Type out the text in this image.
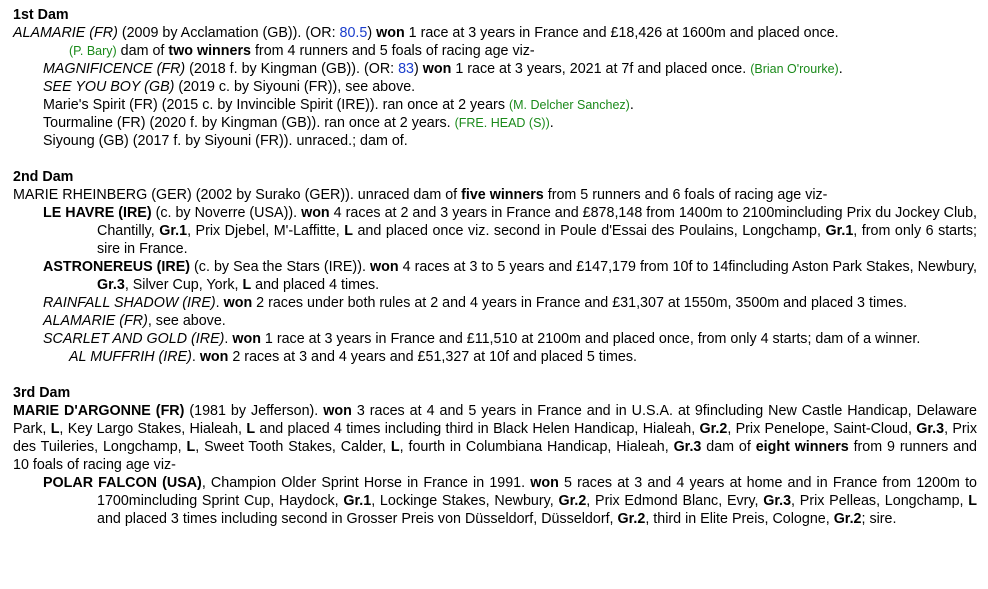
1st Dam
ALAMARIE (FR) (2009 by Acclamation (GB)). (OR: 80.5) won 1 race at 3 years in France and £18,426 at 1600m and placed once.
(P. Bary) dam of two winners from 4 runners and 5 foals of racing age viz-
MAGNIFICENCE (FR) (2018 f. by Kingman (GB)). (OR: 83) won 1 race at 3 years, 2021 at 7f and placed once. (Brian O'rourke).
SEE YOU BOY (GB) (2019 c. by Siyouni (FR)), see above.
Marie's Spirit (FR) (2015 c. by Invincible Spirit (IRE)). ran once at 2 years (M. Delcher Sanchez).
Tourmaline (FR) (2020 f. by Kingman (GB)). ran once at 2 years. (FRE. HEAD (S)).
Siyoung (GB) (2017 f. by Siyouni (FR)). unraced.; dam of.
2nd Dam
MARIE RHEINBERG (GER) (2002 by Surako (GER)). unraced dam of five winners from 5 runners and 6 foals of racing age viz-
LE HAVRE (IRE) (c. by Noverre (USA)). won 4 races at 2 and 3 years in France and £878,148 from 1400m to 2100mincluding Prix du Jockey Club, Chantilly, Gr.1, Prix Djebel, M'-Laffitte, L and placed once viz. second in Poule d'Essai des Poulains, Longchamp, Gr.1, from only 6 starts; sire in France.
ASTRONEREUS (IRE) (c. by Sea the Stars (IRE)). won 4 races at 3 to 5 years and £147,179 from 10f to 14fincluding Aston Park Stakes, Newbury, Gr.3, Silver Cup, York, L and placed 4 times.
RAINFALL SHADOW (IRE). won 2 races under both rules at 2 and 4 years in France and £31,307 at 1550m, 3500m and placed 3 times.
ALAMARIE (FR), see above.
SCARLET AND GOLD (IRE). won 1 race at 3 years in France and £11,510 at 2100m and placed once, from only 4 starts; dam of a winner.
AL MUFFRIH (IRE). won 2 races at 3 and 4 years and £51,327 at 10f and placed 5 times.
3rd Dam
MARIE D'ARGONNE (FR) (1981 by Jefferson). won 3 races at 4 and 5 years in France and in U.S.A. at 9fincluding New Castle Handicap, Delaware Park, L, Key Largo Stakes, Hialeah, L and placed 4 times including third in Black Helen Handicap, Hialeah, Gr.2, Prix Penelope, Saint-Cloud, Gr.3, Prix des Tuileries, Longchamp, L, Sweet Tooth Stakes, Calder, L, fourth in Columbiana Handicap, Hialeah, Gr.3 dam of eight winners from 9 runners and 10 foals of racing age viz-
POLAR FALCON (USA), Champion Older Sprint Horse in France in 1991. won 5 races at 3 and 4 years at home and in France from 1200m to 1700mincluding Sprint Cup, Haydock, Gr.1, Lockinge Stakes, Newbury, Gr.2, Prix Edmond Blanc, Evry, Gr.3, Prix Pelleas, Longchamp, L and placed 3 times including second in Grosser Preis von Düsseldorf, Düsseldorf, Gr.2, third in Elite Preis, Cologne, Gr.2; sire.
